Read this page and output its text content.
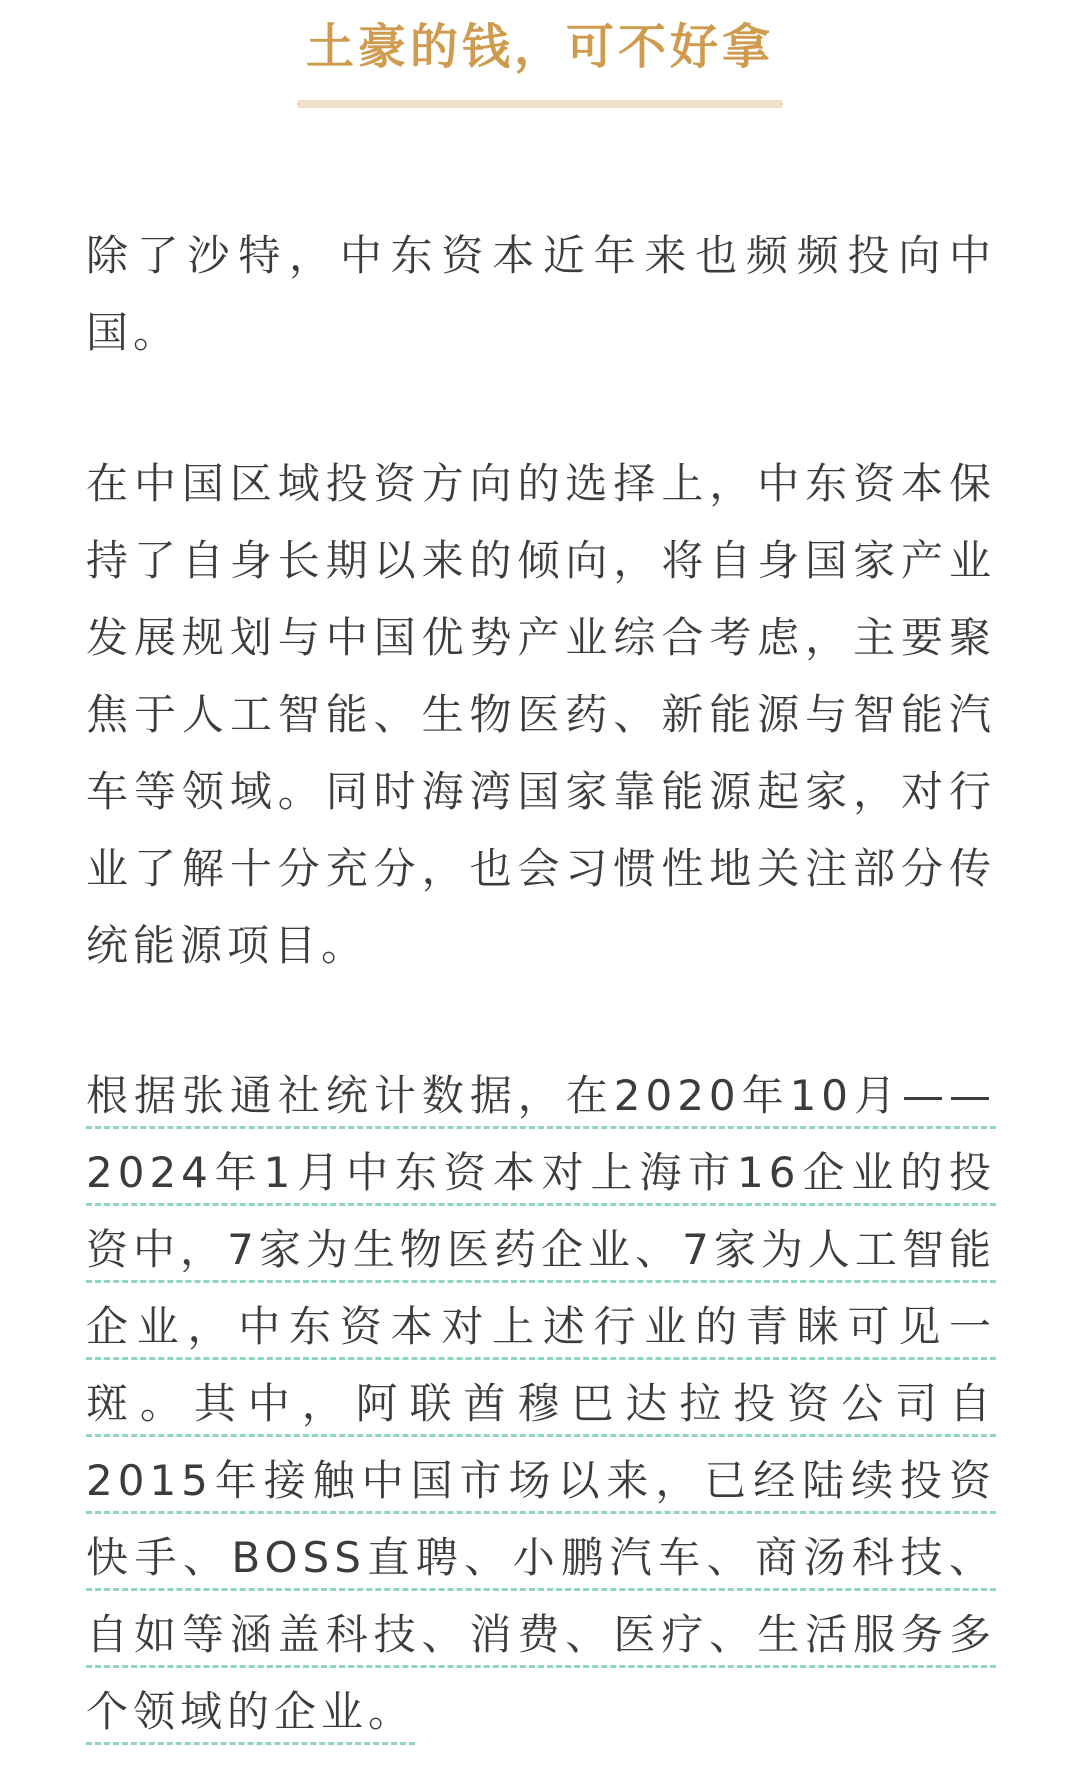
土豪的钱，可不好拿

除了沙特，中东资本近年来也频频投向中国。

在中国区域投资方向的选择上，中东资本保持了自身长期以来的倾向，将自身国家产业发展规划与中国优势产业综合考虑，主要聚焦于人工智能、生物医药、新能源与智能汽车等领域。同时海湾国家靠能源起家，对行业了解十分充分，也会习惯性地关注部分传统能源项目。

根据张通社统计数据，在2020年10月——2024年1月中东资本对上海市16企业的投资中，7家为生物医药企业、7家为人工智能企业，中东资本对上述行业的青睐可见一斑。其中，阿联酋穆巴达拉投资公司自2015年接触中国市场以来，已经陆续投资快手、BOSS直聘、小鹏汽车、商汤科技、自如等涵盖科技、消费、医疗、生活服务多个领域的企业。
